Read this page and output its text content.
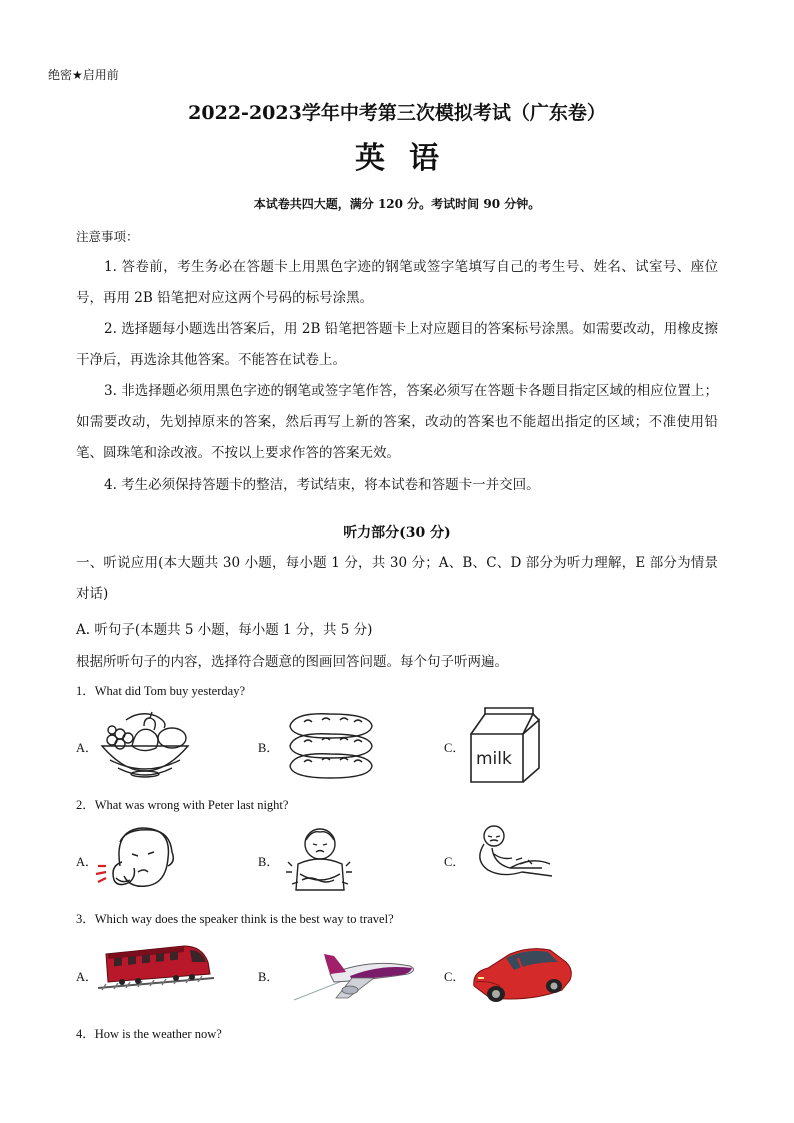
绝密★启用前
2022-2023学年中考第三次模拟考试（广东卷）
英语
本试卷共四大题，满分 120 分。考试时间 90 分钟。
注意事项：
1. 答卷前，考生务必在答题卡上用黑色字迹的钢笔或签字笔填写自己的考生号、姓名、试室号、座位号，再用 2B 铅笔把对应这两个号码的标号涂黑。
2. 选择题每小题选出答案后，用 2B 铅笔把答题卡上对应题目的答案标号涂黑。如需要改动，用橡皮擦干净后，再选涂其他答案。不能答在试卷上。
3. 非选择题必须用黑色字迹的钢笔或签字笔作答，答案必须写在答题卡各题目指定区域的相应位置上；如需要改动，先划掉原来的答案，然后再写上新的答案，改动的答案也不能超出指定的区域；不准使用铅笔、圆珠笔和涂改液。不按以上要求作答的答案无效。
4. 考生必须保持答题卡的整洁，考试结束，将本试卷和答题卡一并交回。
听力部分(30 分)
一、听说应用(本大题共 30 小题，每小题 1 分，共 30 分；A、B、C、D 部分为听力理解，E 部分为情景对话)
A. 听句子(本题共 5 小题，每小题 1 分，共 5 分)
根据所听句子的内容，选择符合题意的图画回答问题。每个句子听两遍。
1．What did Tom buy yesterday?
A．	B．	C．
milk
2．What was wrong with Peter last night?
A．	B．	C．
3．Which way does the speaker think is the best way to travel?
A．	B．	C．
4．How is the weather now?
